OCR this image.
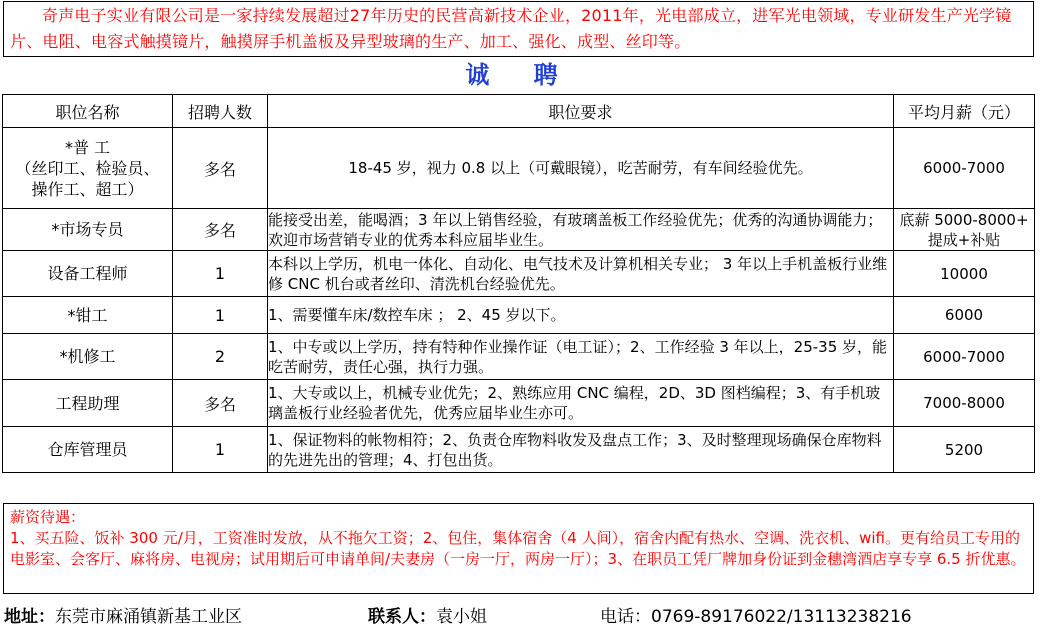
奇声电子实业有限公司是一家持续发展超过27年历史的民营高新技术企业，2011年，光电部成立，进军光电领域，专业研发生产光学镜片、电阻、电容式触摸镜片，触摸屏手机盖板及异型玻璃的生产、加工、强化、成型、丝印等。
诚 聘
职位名称	招聘人数	职位要求	平均月薪（元）

*普 工
（丝印工、检验员、
操作工、超工）	多名	18-45 岁，视力 0.8 以上（可戴眼镜），吃苦耐劳，有车间经验优先。	6000-7000

*市场专员	多名	能接受出差，能喝酒；3 年以上销售经验，有玻璃盖板工作经验优先；优秀的沟通协调能力；欢迎市场营销专业的优秀本科应届毕业生。	底薪 5000-8000+
提成+补贴

设备工程师	1	本科以上学历，机电一体化、自动化、电气技术及计算机相关专业； 3 年以上手机盖板行业维修 CNC 机台或者丝印、清洗机台经验优先。	10000

*钳工	1	1、需要懂车床/数控车床 ； 2、45 岁以下。	6000

*机修工	2	1、中专或以上学历，持有特种作业操作证（电工证）；2、工作经验 3 年以上，25-35 岁，能吃苦耐劳，责任心强，执行力强。	6000-7000

工程助理	多名	1、大专或以上，机械专业优先；2、熟练应用 CNC 编程，2D、3D 图档编程；3、有手机玻璃盖板行业经验者优先，优秀应届毕业生亦可。	7000-8000

仓库管理员	1	1、保证物料的帐物相符；2、负责仓库物料收发及盘点工作；3、及时整理现场确保仓库物料的先进先出的管理；4、打包出货。	5200
薪资待遇：
1、买五险、饭补 300 元/月，工资准时发放，从不拖欠工资；2、包住，集体宿舍（4 人间），宿舍内配有热水、空调、洗衣机、wifi。更有给员工专用的电影室、会客厅、麻将房、电视房；试用期后可申请单间/夫妻房（一房一厅，两房一厅）；3、在职员工凭厂牌加身份证到金穗湾酒店享专享 6.5 折优惠。
地址：东莞市麻涌镇新基工业区	联系人：袁小姐	电话：0769-89176022/13113238216
